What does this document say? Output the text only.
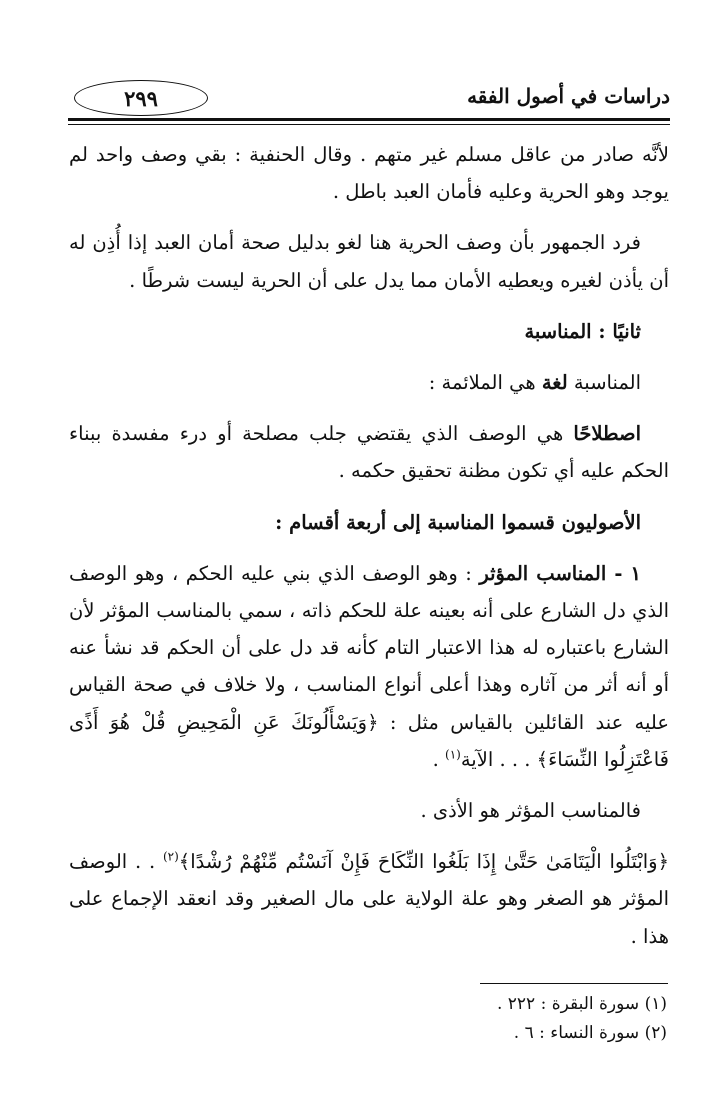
دراسات في أصول الفقه
٢٩٩

لأنَّه صادر من عاقل مسلم غير متهم . وقال الحنفية : بقي وصف واحد لم يوجد وهو الحرية وعليه فأمان العبد باطل .

فرد الجمهور بأن وصف الحرية هنا لغو بدليل صحة أمان العبد إذا أُذِن له أن يأذن لغيره ويعطيه الأمان مما يدل على أن الحرية ليست شرطًا .

ثانيًا : المناسبة

المناسبة لغة هي الملائمة :

اصطلاحًا هي الوصف الذي يقتضي جلب مصلحة أو درء مفسدة ببناء الحكم عليه أي تكون مظنة تحقيق حكمه .

الأصوليون قسموا المناسبة إلى أربعة أقسام :

١ - المناسب المؤثر : وهو الوصف الذي بني عليه الحكم ، وهو الوصف الذي دل الشارع على أنه بعينه علة للحكم ذاته ، سمي بالمناسب المؤثر لأن الشارع باعتباره له هذا الاعتبار التام كأنه قد دل على أن الحكم قد نشأ عنه أو أنه أثر من آثاره وهذا أعلى أنواع المناسب ، ولا خلاف في صحة القياس عليه عند القائلين بالقياس مثل : ﴿وَيَسْأَلُونَكَ عَنِ الْمَحِيضِ قُلْ هُوَ أَذًى فَاعْتَزِلُوا النِّسَاءَ﴾ . . . الآية$^{(١)}$ .

فالمناسب المؤثر هو الأذى .

﴿وَابْتَلُوا الْيَتَامَىٰ حَتَّىٰ إِذَا بَلَغُوا النِّكَاحَ فَإِنْ آنَسْتُم مِّنْهُمْ رُشْدًا﴾$^{(٢)}$ . . الوصف المؤثر هو الصغر وهو علة الولاية على مال الصغير وقد انعقد الإجماع على هذا .

(١) سورة البقرة : ٢٢٢ .

(٢) سورة النساء : ٦ .
